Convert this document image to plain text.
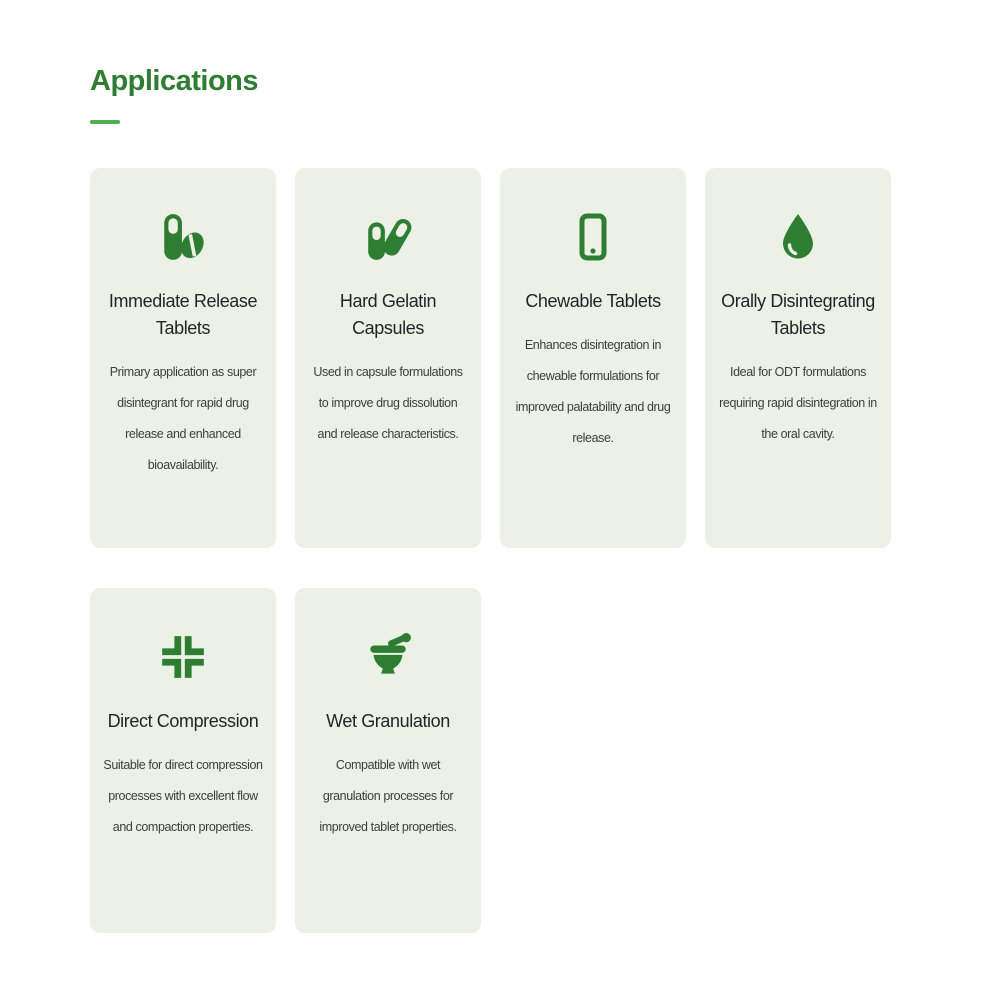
Applications
Immediate Release Tablets
Primary application as super disintegrant for rapid drug release and enhanced bioavailability.
Hard Gelatin Capsules
Used in capsule formulations to improve drug dissolution and release characteristics.
Chewable Tablets
Enhances disintegration in chewable formulations for improved palatability and drug release.
Orally Disintegrating Tablets
Ideal for ODT formulations requiring rapid disintegration in the oral cavity.
Direct Compression
Suitable for direct compression processes with excellent flow and compaction properties.
Wet Granulation
Compatible with wet granulation processes for improved tablet properties.
